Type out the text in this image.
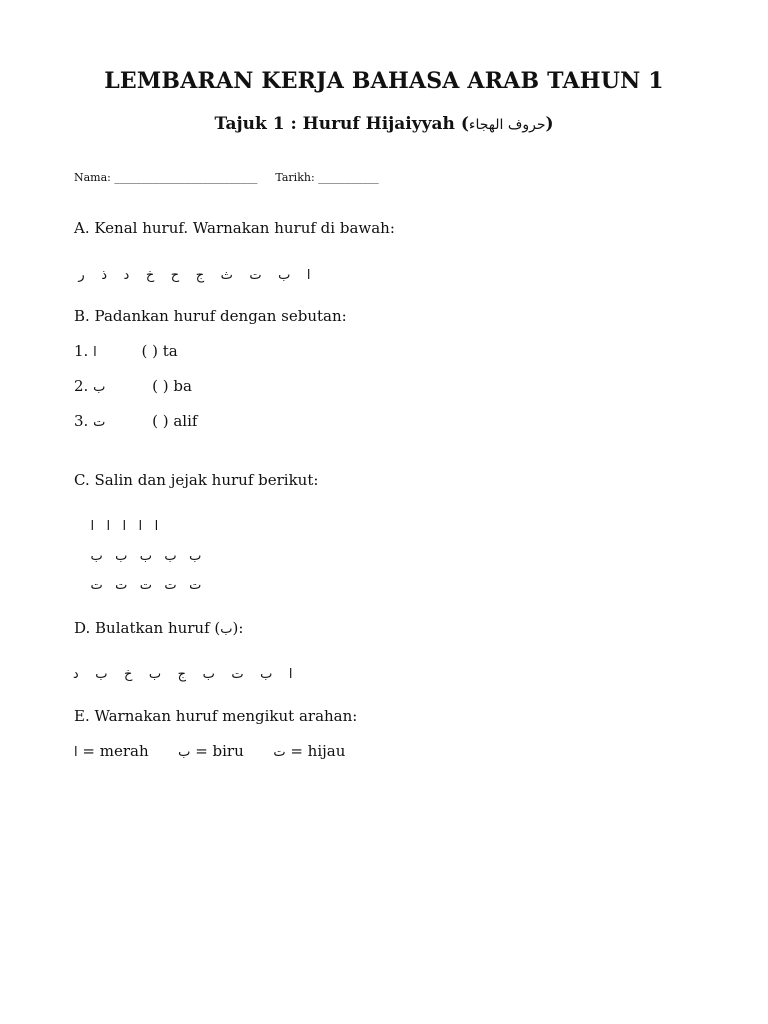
LEMBARAN KERJA BAHASA ARAB TAHUN 1
Tajuk 1 : Huruf Hijaiyyah (حروف الهجاء)
Nama: __________________________ Tarikh: ___________
A. Kenal huruf. Warnakan huruf di bawah:

ا    ب    ت    ث    ج    ح    خ    د    ذ    ر

B. Padankan huruf dengan sebutan:
1. ا	( ) ta
2. ب	( ) ba
3. ت	( ) alif
C. Salin dan jejak huruf berikut:

ا   ا   ا   ا   ا

ب   ب   ب   ب   ب

ت   ت   ت   ت   ت

D. Bulatkan huruf (ب):

ا    ب    ت    ب    ج    ب    خ    ب    د

E. Warnakan huruf mengikut arahan:
ا = merah ب = biru ت = hijau
